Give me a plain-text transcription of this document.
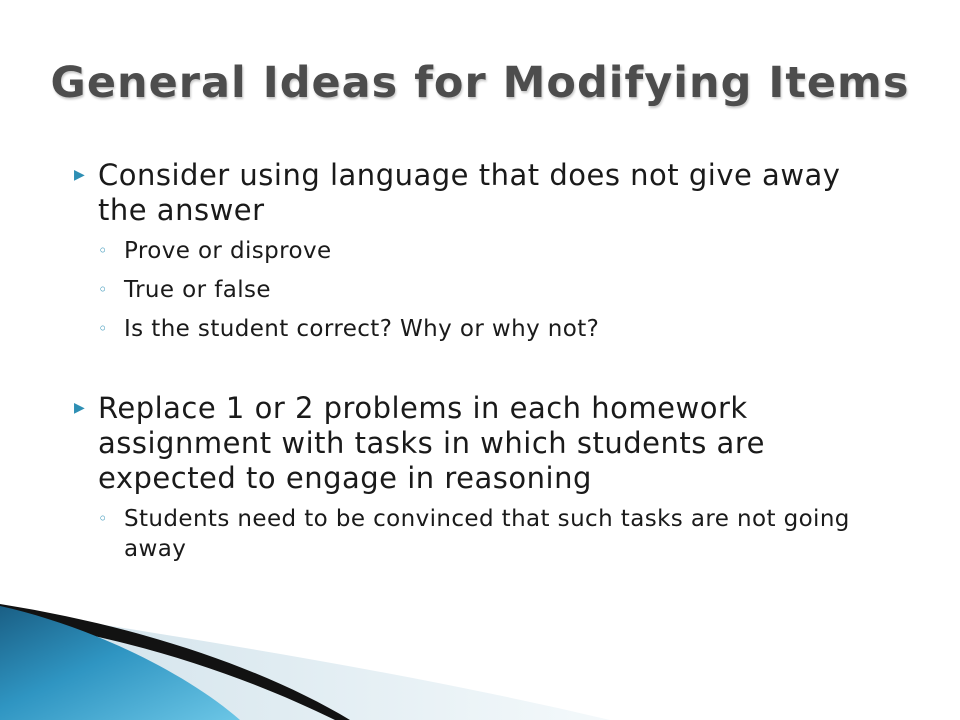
General Ideas for Modifying Items
▶ Consider using language that does not give away the answer
◦ Prove or disprove
◦ True or false
◦ Is the student correct? Why or why not?
▶ Replace 1 or 2 problems in each homework assignment with tasks in which students are expected to engage in reasoning
◦ Students need to be convinced that such tasks are not going away
